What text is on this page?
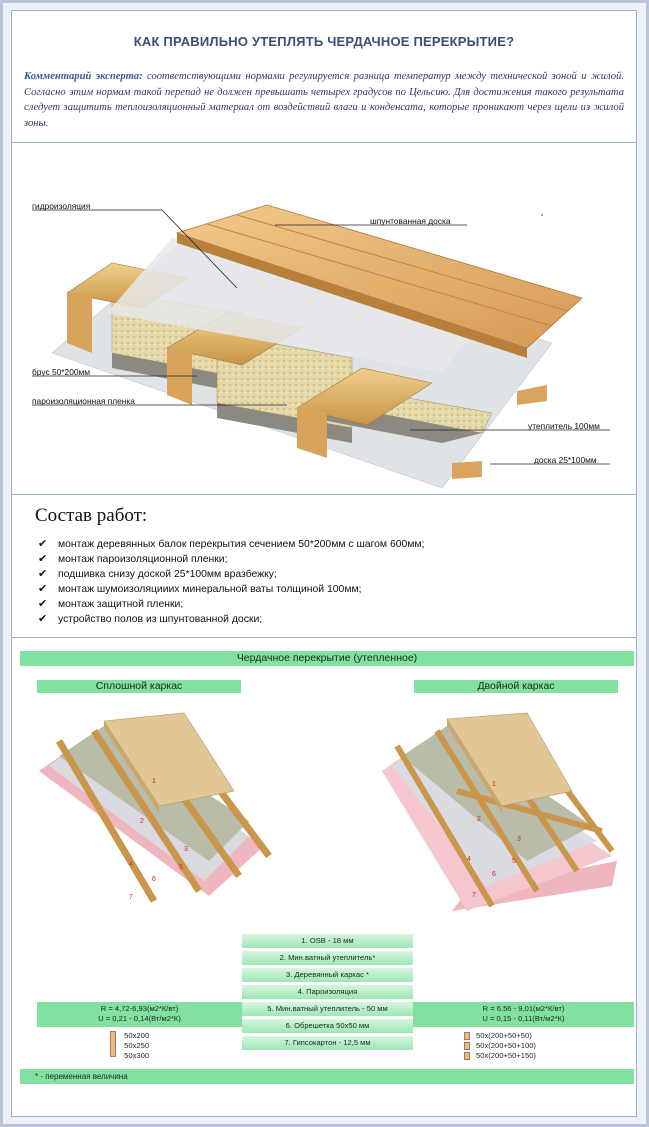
КАК ПРАВИЛЬНО УТЕПЛЯТЬ ЧЕРДАЧНОЕ ПЕРЕКРЫТИЕ?
Комментарий эксперта: соответствующими нормами регулируется разница температур между технической зоной и жилой. Согласно этим нормам такой перепад не должен превышать четырех градусов по Цельсию. Для достижения такого результата следует защитить теплоизоляционный материал от воздействий влаги и конденсата, которые проникают через щели из жилой зоны.
гидроизоляция
шпунтованная доска
брус 50*200мм
пароизоляционная пленка
утеплитель 100мм
доска 25*100мм
Состав работ:
✔ монтаж деревянных балок перекрытия сечением 50*200мм с шагом 600мм;
✔ монтаж пароизоляционной пленки;
✔ подшивка снизу доской 25*100мм вразбежку;
✔ монтаж шумоизоляцииих минеральной ваты толщиной 100мм;
✔ монтаж защитной пленки;
✔ устройство полов из шпунтованной доски;
Чердачное перекрытие (утепленное)
Сплошной каркас	Двойной каркас
1
2
3
4	5
6
7
1
2
3
4	5
6
7
1. OSB - 18 мм
2. Мин.ватный утеплитель*
3. Деревянный каркас *
4. Пароизоляция
5. Мин.ватный утеплитель - 50 мм
6. Обрешетка 50х50 мм
7. Гипсокартон - 12,5 мм
R = 4,72-6,93(м2*К/вт)
U = 0,21 - 0,14(Вт/м2*К)
R = 6,56 - 9,01(м2*К/вт)
U = 0,15 - 0,11(Вт/м2*К)
50х200
50х250
50х300
50х(200+50+50)
50х(200+50+100)
50х(200+50+150)
* - переменная величина
